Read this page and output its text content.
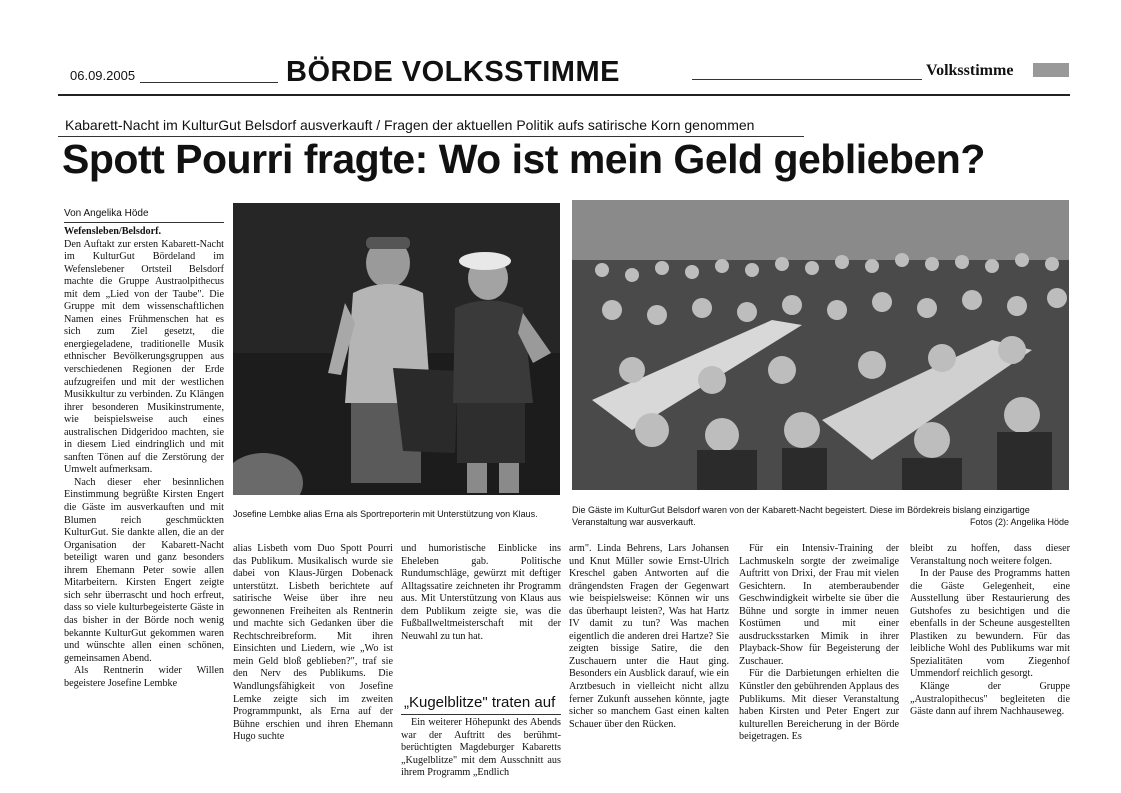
06.09.2005	BÖRDE VOLKSSTIMME	Volksstimme
Kabarett-Nacht im KulturGut Belsdorf ausverkauft / Fragen der aktuellen Politik aufs satirische Korn genommen
Spott Pourri fragte: Wo ist mein Geld geblieben?
Von Angelika Höde

Wefensleben/Belsdorf.

Den Auftakt zur ersten Kabarett-Nacht im KulturGut Bördeland im Wefenslebener Ortsteil Belsdorf machte die Gruppe Austraolpithecus mit dem „Lied von der Taube". Die Gruppe mit dem wissenschaftlichen Namen eines Frühmenschen hat es sich zum Ziel gesetzt, die energiegeladene, traditionelle Musik ethnischer Bevölkerungsgruppen aus verschiedenen Regionen der Erde aufzugreifen und mit der westlichen Musikkultur zu verbinden. Zu Klängen ihrer besonderen Musikinstrumente, wie beispielsweise auch eines australischen Didgeridoo machten, sie in diesem Lied eindringlich und mit sanften Tönen auf die Zerstörung der Umwelt aufmerksam.

Nach dieser eher besinnlichen Einstimmung begrüßte Kirsten Engert die Gäste im ausverkauften und mit Blumen reich geschmückten KulturGut. Sie dankte allen, die an der Organisation der Kabarett-Nacht beteiligt waren und ganz besonders ihrem Ehemann Peter sowie allen Mitarbeitern. Kirsten Engert zeigte sich sehr überrascht und hoch erfreut, dass so viele kulturbegeisterte Gäste in das bisher in der Börde noch wenig bekannte KulturGut gekommen waren und wünschte allen einen schönen, gemeinsamen Abend.

Als Rentnerin wider Willen begeistere Josefine Lembke

Josefine Lembke alias Erna als Sportreporterin mit Unterstützung von Klaus.	Die Gäste im KulturGut Belsdorf waren von der Kabarett-Nacht begeistert. Diese im Bördekreis bislang einzigartige Veranstaltung war ausverkauft.	Fotos (2): Angelika Höde

alias Lisbeth vom Duo Spott Pourri das Publikum. Musikalisch wurde sie dabei von Klaus-Jürgen Dobenack unterstützt. Lisbeth berichtete auf satirische Weise über ihre neu gewonnenen Freiheiten als Rentnerin und machte sich Gedanken über die Rechtschreibreform. Mit ihren Einsichten und Liedern, wie „Wo ist mein Geld bloß geblieben?", traf sie den Nerv des Publikums. Die Wandlungsfähigkeit von Josefine Lemke zeigte sich im zweiten Programmpunkt, als Erna auf der Bühne erschien und ihren Ehemann Hugo suchte

und humoristische Einblicke ins Eheleben gab. Politische Rundumschläge, gewürzt mit deftiger Alltagssatire zeichneten ihr Programm aus. Mit Unterstützung von Klaus aus dem Publikum zeigte sie, was die Fußballweltmeisterschaft mit der Neuwahl zu tun hat.

„Kugelblitze" traten auf

Ein weiterer Höhepunkt des Abends war der Auftritt des berühmt-berüchtigten Magdeburger Kabaretts „Kugelblitze" mit dem Ausschnitt aus ihrem Programm „Endlich

arm". Linda Behrens, Lars Johansen und Knut Müller sowie Ernst-Ulrich Kreschel gaben Antworten auf die drängendsten Fragen der Gegenwart wie beispielsweise: Können wir uns das überhaupt leisten?, Was hat Hartz IV damit zu tun? Was machen eigentlich die anderen drei Hartze? Sie zeigten bissige Satire, die den Zuschauern unter die Haut ging. Besonders ein Ausblick darauf, wie ein Arztbesuch in vielleicht nicht allzu ferner Zukunft aussehen könnte, jagte sicher so manchem Gast einen kalten Schauer über den Rücken.

Für ein Intensiv-Training der Lachmuskeln sorgte der zweimalige Auftritt von Drixi, der Frau mit vielen Gesichtern. In atemberaubender Geschwindigkeit wirbelte sie über die Bühne und sorgte in immer neuen Kostümen und mit einer ausdrucksstarken Mimik in ihrer Playback-Show für Begeisterung der Zuschauer.

Für die Darbietungen erhielten die Künstler den gebührenden Applaus des Publikums. Mit dieser Veranstaltung haben Kirsten und Peter Engert zur kulturellen Bereicherung in der Börde beigetragen. Es

bleibt zu hoffen, dass dieser Veranstaltung noch weitere folgen.

In der Pause des Programms hatten die Gäste Gelegenheit, eine Ausstellung über Restaurierung des Gutshofes zu besichtigen und die ebenfalls in der Scheune ausgestellten Plastiken zu bewundern. Für das leibliche Wohl des Publikums war mit Spezialitäten vom Ziegenhof Ummendorf reichlich gesorgt.

Klänge der Gruppe „Australopithecus" begleiteten die Gäste dann auf ihrem Nachhauseweg.
